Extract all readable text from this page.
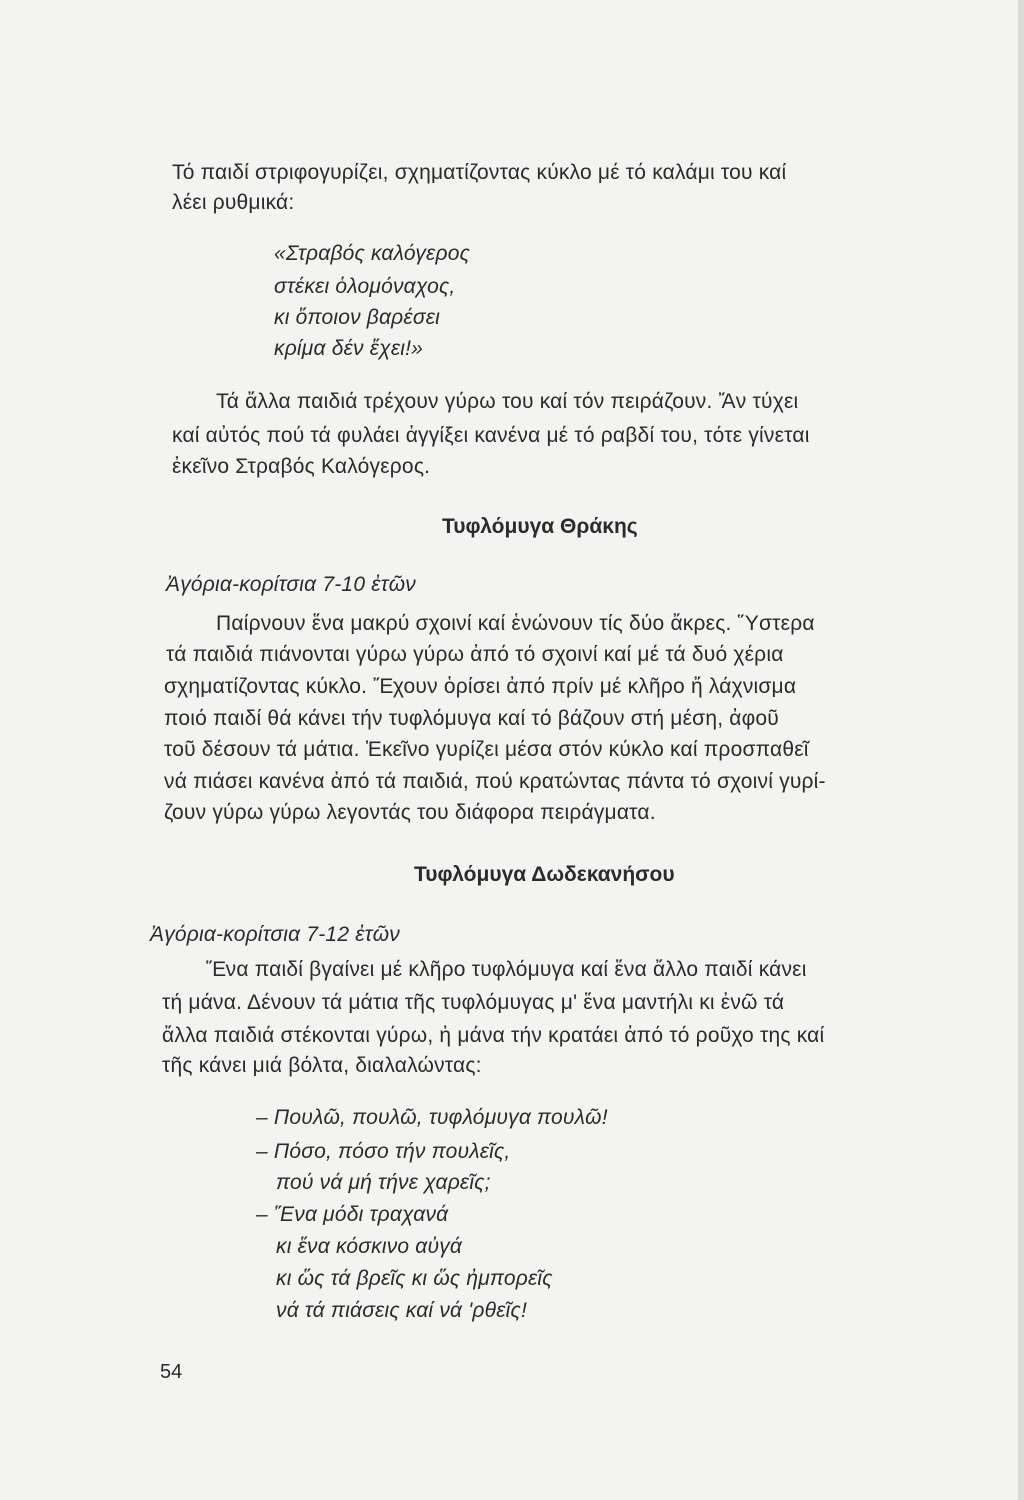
Τό παιδί στριφογυρίζει, σχηματίζοντας κύκλο μέ τό καλάμι του καί
λέει ρυθμικά:
«Στραβός καλόγερος
στέκει ὁλομόναχος,
κι ὅποιον βαρέσει
κρίμα δέν ἔχει!»
Τά ἄλλα παιδιά τρέχουν γύρω του καί τόν πειράζουν. Ἄν τύχει
καί αὐτός πού τά φυλάει ἀγγίξει κανένα μέ τό ραβδί του, τότε γίνεται
ἐκεῖνο Στραβός Καλόγερος.
Τυφλόμυγα Θράκης
Ἀγόρια-κορίτσια 7-10 ἐτῶν
Παίρνουν ἕνα μακρύ σχοινί καί ἑνώνουν τίς δύο ἄκρες. Ὕστερα
τά παιδιά πιάνονται γύρω γύρω ἀπό τό σχοινί καί μέ τά δυό χέρια
σχηματίζοντας κύκλο. Ἔχουν ὁρίσει ἀπό πρίν μέ κλῆρο ἤ λάχνισμα
ποιό παιδί θά κάνει τήν τυφλόμυγα καί τό βάζουν στή μέση, ἀφοῦ
τοῦ δέσουν τά μάτια. Ἐκεῖνο γυρίζει μέσα στόν κύκλο καί προσπαθεῖ
νά πιάσει κανένα ἀπό τά παιδιά, πού κρατώντας πάντα τό σχοινί γυρί-
ζουν γύρω γύρω λεγοντάς του διάφορα πειράγματα.
Τυφλόμυγα Δωδεκανήσου
Ἀγόρια-κορίτσια 7-12 ἐτῶν
Ἕνα παιδί βγαίνει μέ κλῆρο τυφλόμυγα καί ἕνα ἄλλο παιδί κάνει
τή μάνα. Δένουν τά μάτια τῆς τυφλόμυγας μ' ἕνα μαντήλι κι ἐνῶ τά
ἄλλα παιδιά στέκονται γύρω, ἡ μάνα τήν κρατάει ἀπό τό ροῦχο της καί
τῆς κάνει μιά βόλτα, διαλαλώντας:
– Πουλῶ, πουλῶ, τυφλόμυγα πουλῶ!
– Πόσο, πόσο τήν πουλεῖς,
πού νά μή τήνε χαρεῖς;
– Ἕνα μόδι τραχανά
κι ἕνα κόσκινο αὐγά
κι ὥς τά βρεῖς κι ὥς ἠμπορεῖς
νά τά πιάσεις καί νά 'ρθεῖς!
54
